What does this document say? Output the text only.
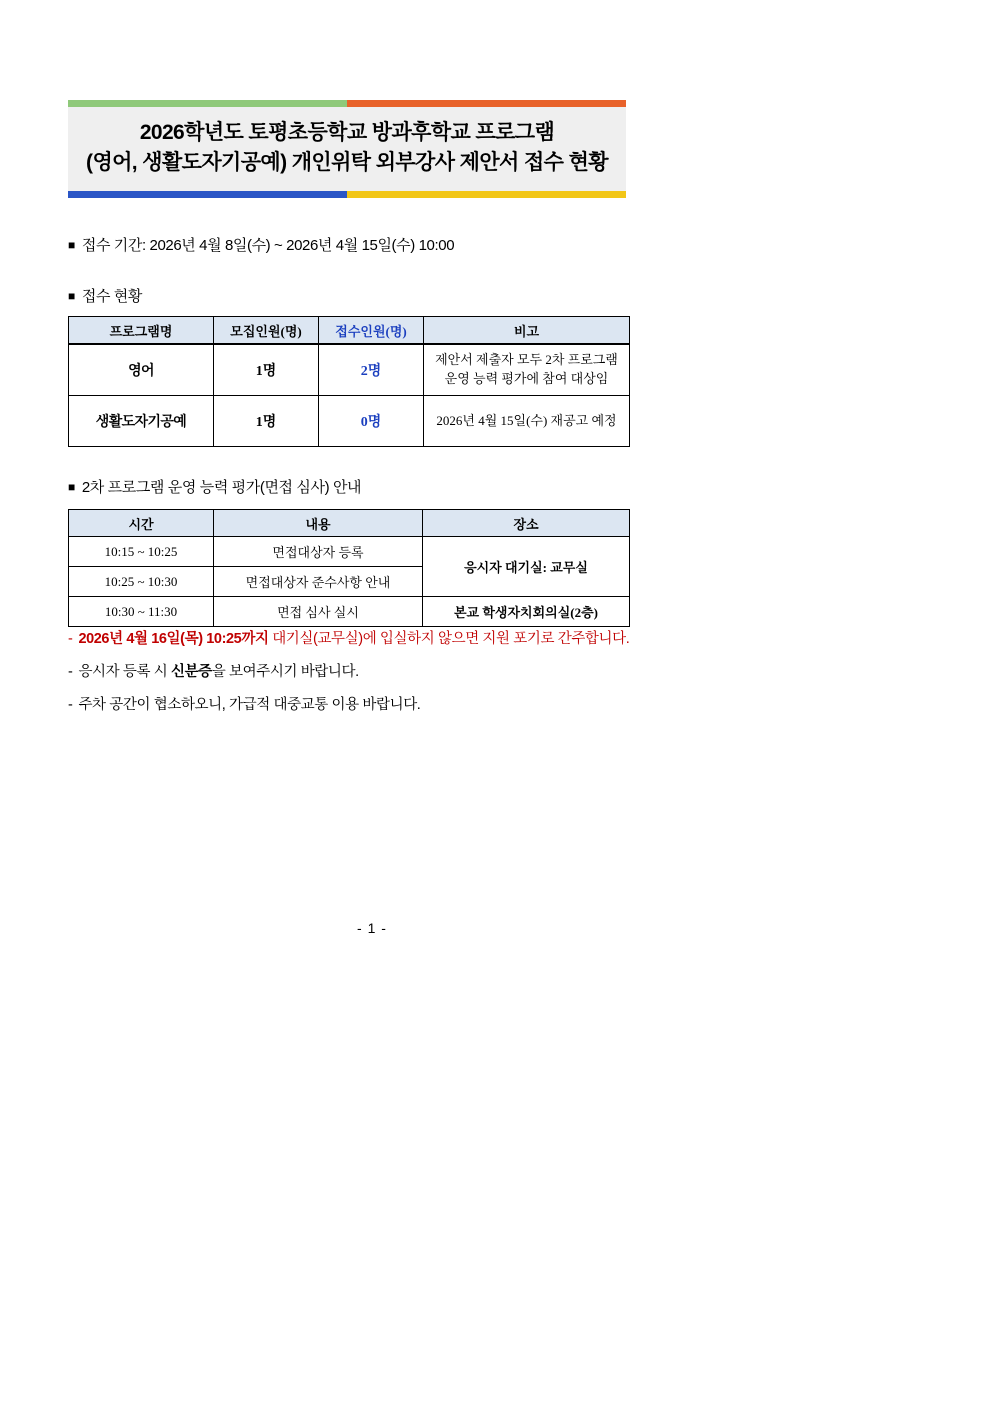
2026학년도 토평초등학교 방과후학교 프로그램
(영어, 생활도자기공예) 개인위탁 외부강사 제안서 접수 현황
■ 접수 기간: 2026년 4월 8일(수) ~ 2026년 4월 15일(수) 10:00
■ 접수 현황
프로그램명	모집인원(명)	접수인원(명)	비고
영어	1명	2명	제안서 제출자 모두 2차 프로그램
운영 능력 평가에 참여 대상임

생활도자기공예	1명	0명	2026년 4월 15일(수) 재공고 예정
■ 2차 프로그램 운영 능력 평가(면접 심사) 안내
시간	내용	장소
10:15 ~ 10:25	면접대상자 등록	응시자 대기실: 교무실
10:25 ~ 10:30	면접대상자 준수사항 안내	
10:30 ~ 11:30	면접 심사 실시	본교 학생자치회의실(2층)
- 2026년 4월 16일(목) 10:25까지 대기실(교무실)에 입실하지 않으면 지원 포기로 간주합니다.
- 응시자 등록 시 신분증을 보여주시기 바랍니다.
- 주차 공간이 협소하오니, 가급적 대중교통 이용 바랍니다.
- 1 -
